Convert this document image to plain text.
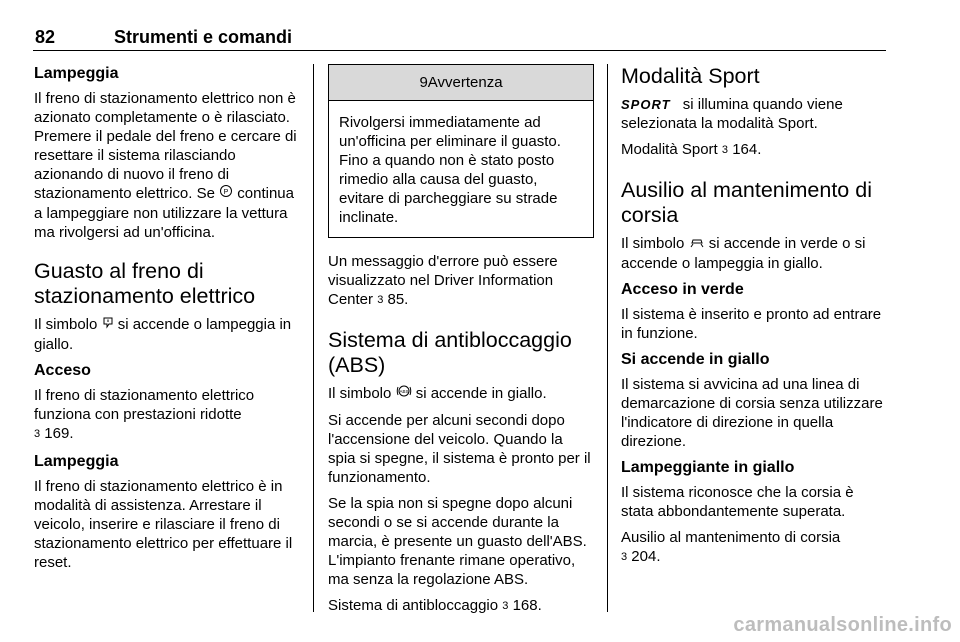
82	Strumenti e comandi
Lampeggia

Il freno di stazionamento elettrico non è azionato completamente o è rilasciato. Premere il pedale del freno e cercare di resettare il sistema rilasciando azionando di nuovo il freno di stazionamento elettrico. Se P continua a lampeggiare non utilizzare la vettura ma rivolgersi ad un'officina.

Guasto al freno di stazionamento elettrico

Il simbolo si accende o lampeggia in giallo.

Acceso

Il freno di stazionamento elettrico funziona con prestazioni ridotte
3 169.

Lampeggia

Il freno di stazionamento elettrico è in modalità di assistenza. Arrestare il veicolo, inserire e rilasciare il freno di stazionamento elettrico per effettuare il reset.

9Avvertenza

Rivolgersi immediatamente ad un'officina per eliminare il guasto. Fino a quando non è stato posto rimedio alla causa del guasto, evitare di parcheggiare su strade inclinate.

Un messaggio d'errore può essere visualizzato nel Driver Information Center 3 85.

Sistema di antibloccaggio (ABS)

Il simbolo ABS si accende in giallo.

Si accende per alcuni secondi dopo l'accensione del veicolo. Quando la spia si spegne, il sistema è pronto per il funzionamento.

Se la spia non si spegne dopo alcuni secondi o se si accende durante la marcia, è presente un guasto dell'ABS. L'impianto frenante rimane operativo, ma senza la regolazione ABS.

Sistema di antibloccaggio 3 168.

Modalità Sport

SPORT si illumina quando viene selezionata la modalità Sport.

Modalità Sport 3 164.

Ausilio al mantenimento di corsia

Il simbolo si accende in verde o si accende o lampeggia in giallo.

Acceso in verde

Il sistema è inserito e pronto ad entrare in funzione.

Si accende in giallo

Il sistema si avvicina ad una linea di demarcazione di corsia senza utilizzare l'indicatore di direzione in quella direzione.

Lampeggiante in giallo

Il sistema riconosce che la corsia è stata abbondantemente superata.

Ausilio al mantenimento di corsia
3 204.

carmanualsonline.info
